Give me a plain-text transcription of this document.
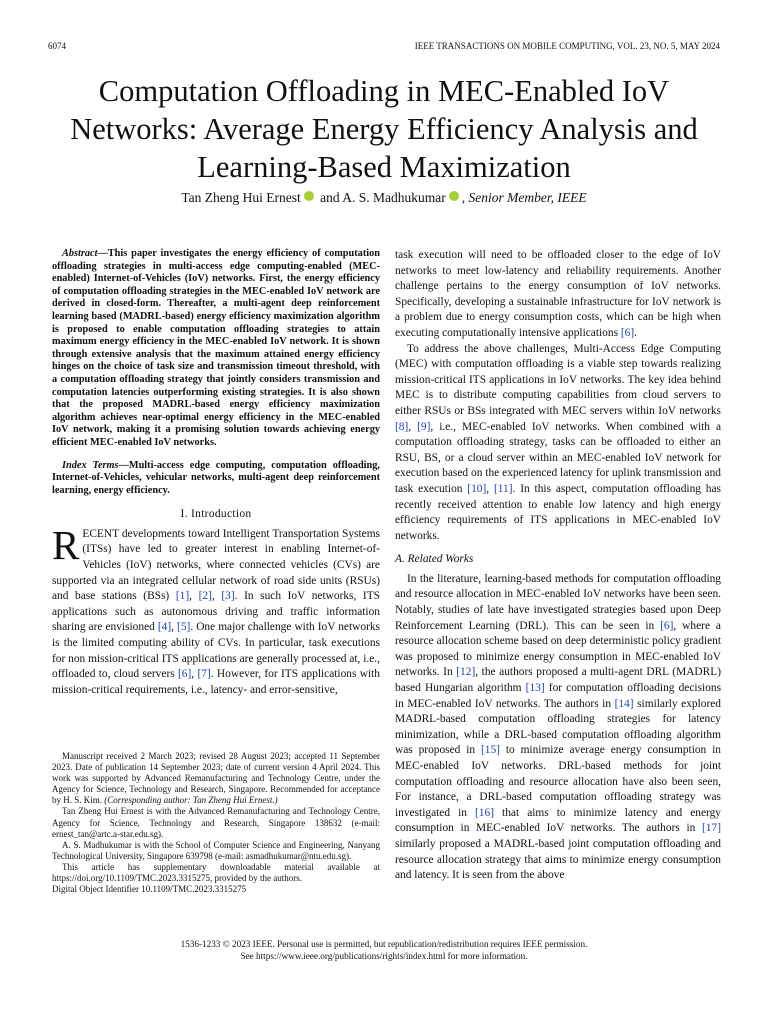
6074	IEEE TRANSACTIONS ON MOBILE COMPUTING, VOL. 23, NO. 5, MAY 2024
Computation Offloading in MEC-Enabled IoV
Networks: Average Energy Efficiency Analysis and
Learning-Based Maximization
Tan Zheng Hui Ernest and A. S. Madhukumar , Senior Member, IEEE

Abstract—This paper investigates the energy efficiency of computation offloading strategies in multi-access edge computing-enabled (MEC-enabled) Internet-of-Vehicles (IoV) networks. First, the energy efficiency of computation offloading strategies in the MEC-enabled IoV network are derived in closed-form. Thereafter, a multi-agent deep reinforcement learning based (MADRL-based) energy efficiency maximization algorithm is proposed to enable computation offloading strategies to attain maximum energy efficiency in the MEC-enabled IoV network. It is shown through extensive analysis that the maximum attained energy efficiency hinges on the choice of task size and transmission timeout threshold, with a computation offloading strategy that jointly considers transmission and computation latencies outperforming existing strategies. It is also shown that the proposed MADRL-based energy efficiency maximization algorithm achieves near-optimal energy efficiency in the MEC-enabled IoV network, making it a promising solution towards achieving energy efficient MEC-enabled IoV networks.

Index Terms—Multi-access edge computing, computation offloading, Internet-of-Vehicles, vehicular networks, multi-agent deep reinforcement learning, energy efficiency.

I. Introduction

RECENT developments toward Intelligent Transportation Systems (ITSs) have led to greater interest in enabling Internet-of-Vehicles (IoV) networks, where connected vehicles (CVs) are supported via an integrated cellular network of road side units (RSUs) and base stations (BSs) [1], [2], [3]. In such IoV networks, ITS applications such as autonomous driving and traffic information sharing are envisioned [4], [5]. One major challenge with IoV networks is the limited computing ability of CVs. In particular, task executions for non mission-critical ITS applications are generally processed at, i.e., offloaded to, cloud servers [6], [7]. However, for ITS applications with mission-critical requirements, i.e., latency- and error-sensitive,

Manuscript received 2 March 2023; revised 28 August 2023; accepted 11 September 2023. Date of publication 14 September 2023; date of current version 4 April 2024. This work was supported by Advanced Remanufacturing and Technology Centre, under the Agency for Science, Technology and Research, Singapore. Recommended for acceptance by H. S. Kim. (Corresponding author: Tan Zheng Hui Ernest.)

Tan Zheng Hui Ernest is with the Advanced Remanufacturing and Technology Centre, Agency for Science, Technology and Research, Singapore 138632 (e-mail: ernest_tan@artc.a-star.edu.sg).

A. S. Madhukumar is with the School of Computer Science and Engineering, Nanyang Technological University, Singapore 639798 (e-mail: asmadhukumar@ntu.edu.sg).

This article has supplementary downloadable material available at https://doi.org/10.1109/TMC.2023.3315275, provided by the authors.

Digital Object Identifier 10.1109/TMC.2023.3315275

task execution will need to be offloaded closer to the edge of IoV networks to meet low-latency and reliability requirements. Another challenge pertains to the energy consumption of IoV networks. Specifically, developing a sustainable infrastructure for IoV network is a problem due to energy consumption costs, which can be high when executing computationally intensive applications [6].

To address the above challenges, Multi-Access Edge Computing (MEC) with computation offloading is a viable step towards realizing mission-critical ITS applications in IoV networks. The key idea behind MEC is to distribute computing capabilities from cloud servers to either RSUs or BSs integrated with MEC servers within IoV networks [8], [9], i.e., MEC-enabled IoV networks. When combined with a computation offloading strategy, tasks can be offloaded to either an RSU, BS, or a cloud server within an MEC-enabled IoV network for execution based on the experienced latency for uplink transmission and task execution [10], [11]. In this aspect, computation offloading has recently received attention to enable low latency and high energy efficiency requirements of ITS applications in MEC-enabled IoV networks.

A. Related Works

In the literature, learning-based methods for computation offloading and resource allocation in MEC-enabled IoV networks have been seen. Notably, studies of late have investigated strategies based upon Deep Reinforcement Learning (DRL). This can be seen in [6], where a resource allocation scheme based on deep deterministic policy gradient was proposed to minimize energy consumption in MEC-enabled IoV networks. In [12], the authors proposed a multi-agent DRL (MADRL) based Hungarian algorithm [13] for computation offloading decisions in MEC-enabled IoV networks. The authors in [14] similarly explored MADRL-based computation offloading strategies for latency minimization, while a DRL-based computation offloading algorithm was proposed in [15] to minimize average energy consumption in MEC-enabled IoV networks. DRL-based methods for joint computation offloading and resource allocation have also been seen, For instance, a DRL-based computation offloading strategy was investigated in [16] that aims to minimize latency and energy consumption in MEC-enabled IoV networks. The authors in [17] similarly proposed a MADRL-based joint computation offloading and resource allocation strategy that aims to minimize energy consumption and latency. It is seen from the above

1536-1233 © 2023 IEEE. Personal use is permitted, but republication/redistribution requires IEEE permission.
See https://www.ieee.org/publications/rights/index.html for more information.
